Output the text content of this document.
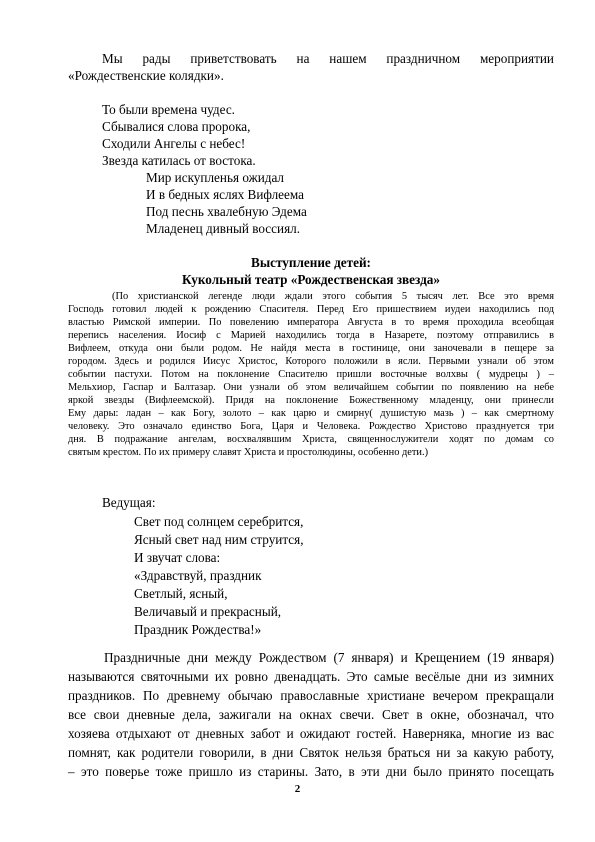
Мы рады приветствовать на нашем праздничном мероприятии
«Рождественские колядки».
То были времена чудес.
Сбывалися слова пророка,
Сходили Ангелы с небес!
Звезда катилась от востока.
Мир искупленья ожидал
И в бедных яслях Вифлеема
Под песнь хвалебную Эдема
Младенец дивный воссиял.
Выступление детей:
Кукольный театр «Рождественская звезда»
(По христианской легенде люди ждали этого события 5 тысяч лет. Все это время
Господь готовил людей к рождению Спасителя. Перед Его пришествием иудеи находились под
властью Римской империи. По повелению императора Августа в то время проходила всеобщая
перепись населения. Иосиф с Марией находились тогда в Назарете, поэтому отправились в
Вифлеем, откуда они были родом. Не найдя места в гостинице, они заночевали в пещере за
городом. Здесь и родился Иисус Христос, Которого положили в ясли. Первыми узнали об этом
событии пастухи. Потом на поклонение Спасителю пришли восточные волхвы ( мудрецы ) –
Мельхиор, Гаспар и Балтазар. Они узнали об этом величайшем событии по появлению на небе
яркой звезды (Вифлеемской). Придя на поклонение Божественному младенцу, они принесли
Ему дары: ладан – как Богу, золото – как царю и смирну( душистую мазь ) – как смертному
человеку. Это означало единство Бога, Царя и Человека. Рождество Христово празднуется три
дня. В подражание ангелам, восхвалявшим Христа, священнослужители ходят по домам со
святым крестом. По их примеру славят Христа и простолюдины, особенно дети.)
Ведущая:
Свет под солнцем серебрится,
Ясный свет над ним струится,
И звучат слова:
«Здравствуй, праздник
Светлый, ясный,
Величавый и прекрасный,
Праздник Рождества!»
Праздничные дни между Рождеством (7 января) и Крещением (19 января)
называются святочными их ровно двенадцать. Это самые весёлые дни из зимних
праздников. По древнему обычаю православные христиане вечером прекращали
все свои дневные дела, зажигали на окнах свечи. Свет в окне, обозначал, что
хозяева отдыхают от дневных забот и ожидают гостей. Наверняка, многие из вас
помнят, как родители говорили, в дни Святок нельзя браться ни за какую работу,
– это поверье тоже пришло из старины. Зато, в эти дни было принято посещать
2
